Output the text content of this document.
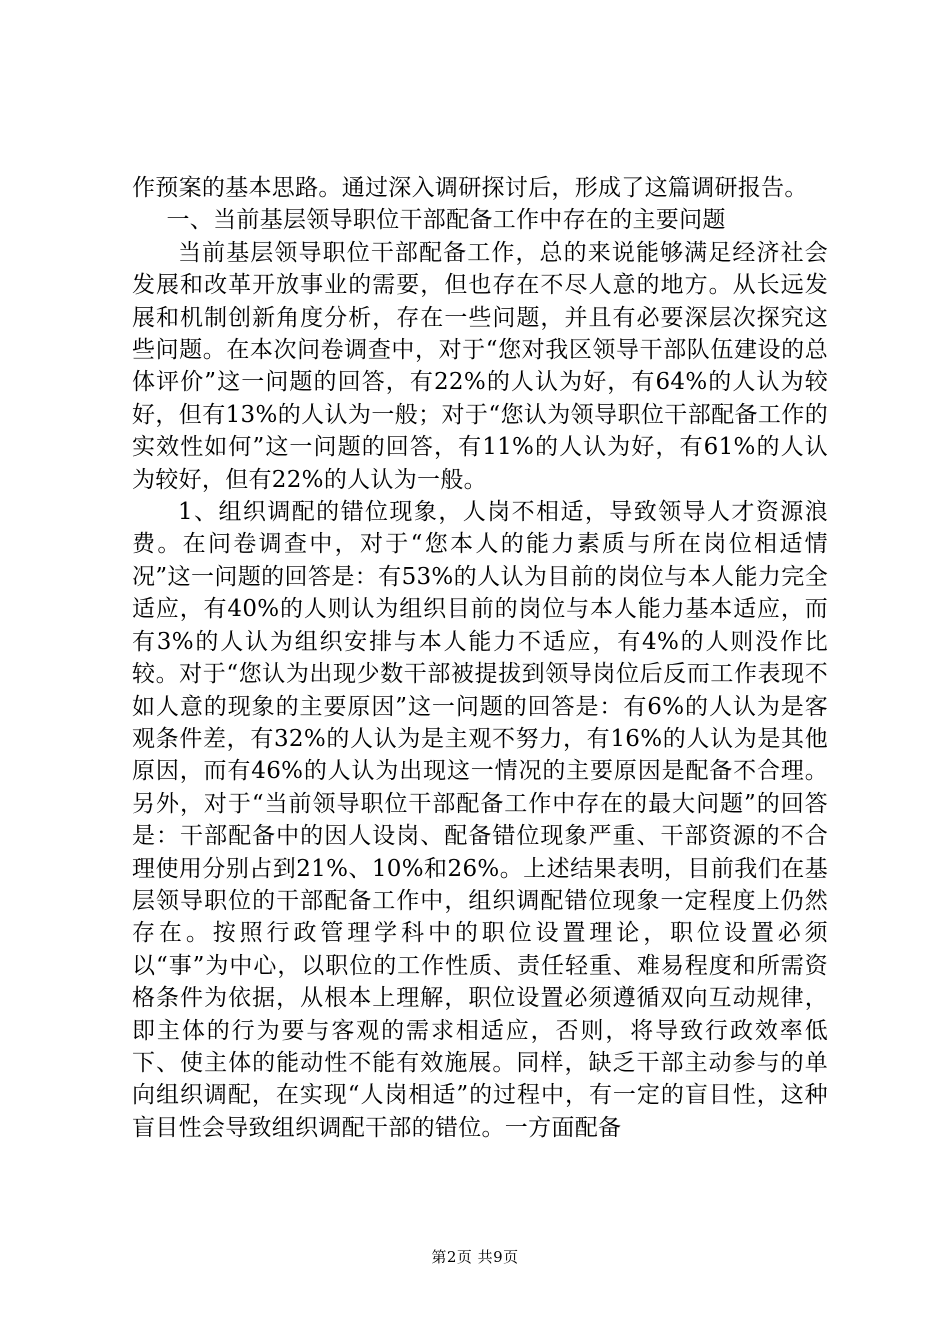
作预案的基本思路。通过深入调研探讨后，形成了这篇调研报告。

一、当前基层领导职位干部配备工作中存在的主要问题

当前基层领导职位干部配备工作，总的来说能够满足经济社会发展和改革开放事业的需要，但也存在不尽人意的地方。从长远发展和机制创新角度分析，存在一些问题，并且有必要深层次探究这些问题。在本次问卷调查中，对于“您对我区领导干部队伍建设的总体评价”这一问题的回答，有22%的人认为好，有64%的人认为较好，但有13%的人认为一般；对于“您认为领导职位干部配备工作的实效性如何”这一问题的回答，有11%的人认为好，有61%的人认为较好，但有22%的人认为一般。

1、组织调配的错位现象，人岗不相适，导致领导人才资源浪费。在问卷调查中，对于“您本人的能力素质与所在岗位相适情况”这一问题的回答是：有53%的人认为目前的岗位与本人能力完全适应，有40%的人则认为组织目前的岗位与本人能力基本适应，而有3%的人认为组织安排与本人能力不适应，有4%的人则没作比较。对于“您认为出现少数干部被提拔到领导岗位后反而工作表现不如人意的现象的主要原因”这一问题的回答是：有6%的人认为是客观条件差，有32%的人认为是主观不努力，有16%的人认为是其他原因，而有46%的人认为出现这一情况的主要原因是配备不合理。另外，对于“当前领导职位干部配备工作中存在的最大问题”的回答是：干部配备中的因人设岗、配备错位现象严重、干部资源的不合理使用分别占到21%、10%和26%。上述结果表明，目前我们在基层领导职位的干部配备工作中，组织调配错位现象一定程度上仍然存在。按照行政管理学科中的职位设置理论，职位设置必须以“事”为中心，以职位的工作性质、责任轻重、难易程度和所需资格条件为依据，从根本上理解，职位设置必须遵循双向互动规律，即主体的行为要与客观的需求相适应，否则，将导致行政效率低下、使主体的能动性不能有效施展。同样，缺乏干部主动参与的单向组织调配，在实现“人岗相适”的过程中，有一定的盲目性，这种盲目性会导致组织调配干部的错位。一方面配备

第2页 共9页
